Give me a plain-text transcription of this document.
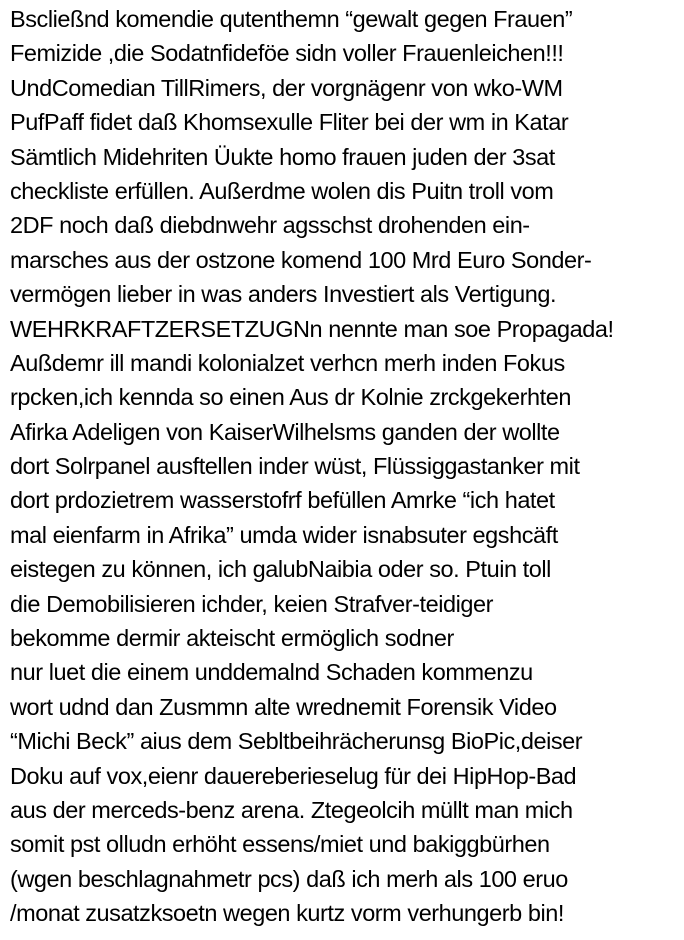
Bscließnd komendie qutenthemn “gewalt gegen Frauen”
Femizide ,die Sodatnfideföe sidn voller Frauenleichen!!!
UndComedian TillRimers, der vorgnägenr von wko-WM
PufPaff fidet daß Khomsexulle Fliter bei der wm in Katar
Sämtlich Midehriten Üukte homo frauen juden der 3sat
checkliste erfüllen. Außerdme wolen dis Puitn troll vom
2DF noch daß diebdnwehr agsschst drohenden ein-
marsches aus der ostzone komend 100 Mrd Euro Sonder-
vermögen lieber in was anders Investiert als Vertigung.
WEHRKRAFTZERSETZUGNn nennte man soe Propagada!
Außdemr ill mandi kolonialzet verhcn merh inden Fokus
rpcken,ich kennda so einen Aus dr Kolnie zrckgekerhten
Afirka Adeligen von KaiserWilhelsms ganden der wollte
dort Solrpanel ausftellen inder wüst, Flüssiggastanker mit
dort prdozietrem wasserstofrf befüllen Amrke “ich hatet
mal eienfarm in Afrika” umda wider isnabsuter egshcäft
eistegen zu können, ich galubNaibia oder so. Ptuin toll
die Demobilisieren ichder, keien Strafver-teidiger
bekomme dermir akteischt ermöglich sodner
nur luet die einem unddemalnd Schaden kommenzu
wort udnd dan Zusmmn alte wrednemit Forensik Video
“Michi Beck” aius dem Sebltbeihrächerunsg BioPic,deiser
Doku auf vox,eienr dauereberieselug für dei HipHop-Bad
aus der merceds-benz arena. Ztegeolcih müllt man mich
somit pst olludn erhöht essens/miet und bakiggbürhen
(wgen beschlagnahmetr pcs) daß ich merh als 100 eruo
/monat zusatzksoetn wegen kurtz vorm verhungerb bin!
